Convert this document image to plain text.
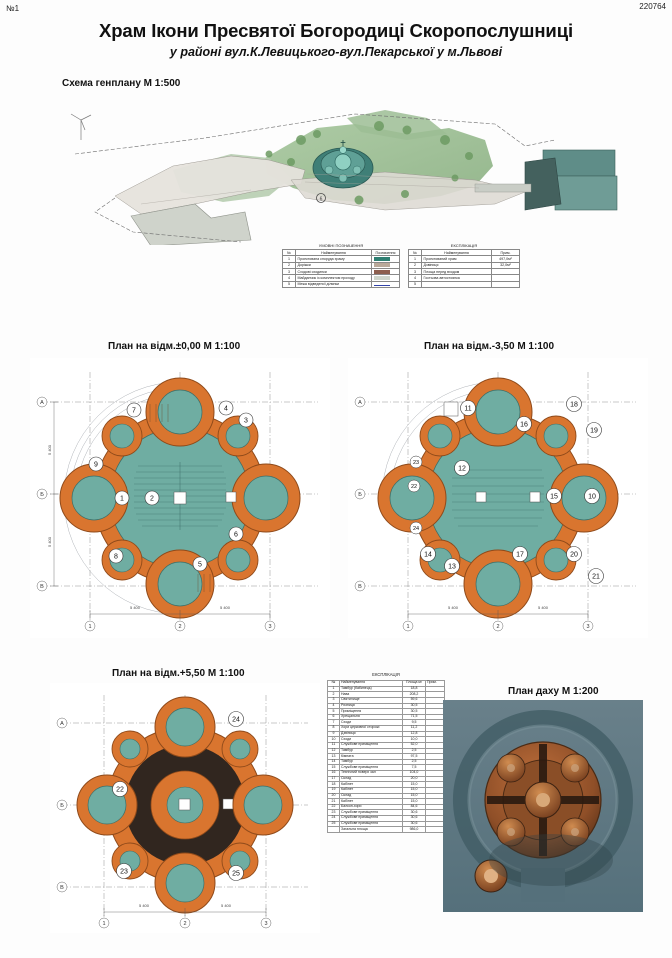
№1	220764
Храм Ікони Пресвятої Богородиці Скоропослушниці
у районі вул.К.Левицького-вул.Пекарської у м.Львові
Схема генплану М 1:500
6
УМОВНІ ПОЗНАЧЕННЯ
№	Найменування	Позначення
1	Проектована споруда храму	

2	Доріжки	

3	Сходові сходинки	

4	Майданчик із комплектом проходу	

5	Межа відведеної ділянки	
ЕКСПЛІКАЦІЯ
№	Найменування	Прим.
1	Проектований храм	497,0м²
2	Дзвіниця	32,0м²
3	Площа перед входом	
4	Гостьова автостоянка	
5		
План на відм.±0,00 М 1:100
1	2
7	4
3
6
5
8
9
А
Б
В
1	2	3
5 400	5 400
5 400
5 400
План на відм.-3,50 М 1:100
11
16
18
19
15	10
20
21
17
13
14
12
23
22
24
А
Б
В
1	2	3
5 400	5 400
План на відм.+5,50 М 1:100
24
22
23	25
А
Б
В
1	2	3
5 400	5 400
ЕКСПЛІКАЦІЯ
№	Найменування	Площа м²	Прим.
1	Тамбур (бабинець)	18,8	
2	Нава	208,2	
3	Святилище	59,6	
4	Ризниця	30,5	
5	Приміщення	30,5	
6	Хрещальня	71,5	
7	Сходи	9,5	
8	Хори церковної сторожі	11,2	
9	Дзвіниця	12,8	
10	Сходи	10,0	
11	Службове приміщення	52,0	
12	Тамбур	2,5	
13	Кімната	97,5	
14	Тамбур	2,5	
15	Службове приміщення	7,5	
16	Технічний поверх зал	104,0	
17	Склад	20,0	
18	Кабінет	15,0	
19	Кабінет	15,0	
20	Склад	15,0	
21	Кабінет	15,0	
22	Балкон-хори	84,6	
23	Службове приміщення	30,6	
24	Службове приміщення	30,6	
25	Службове приміщення	30,6	
	Загальна площа	986,0	
План даху М 1:200
